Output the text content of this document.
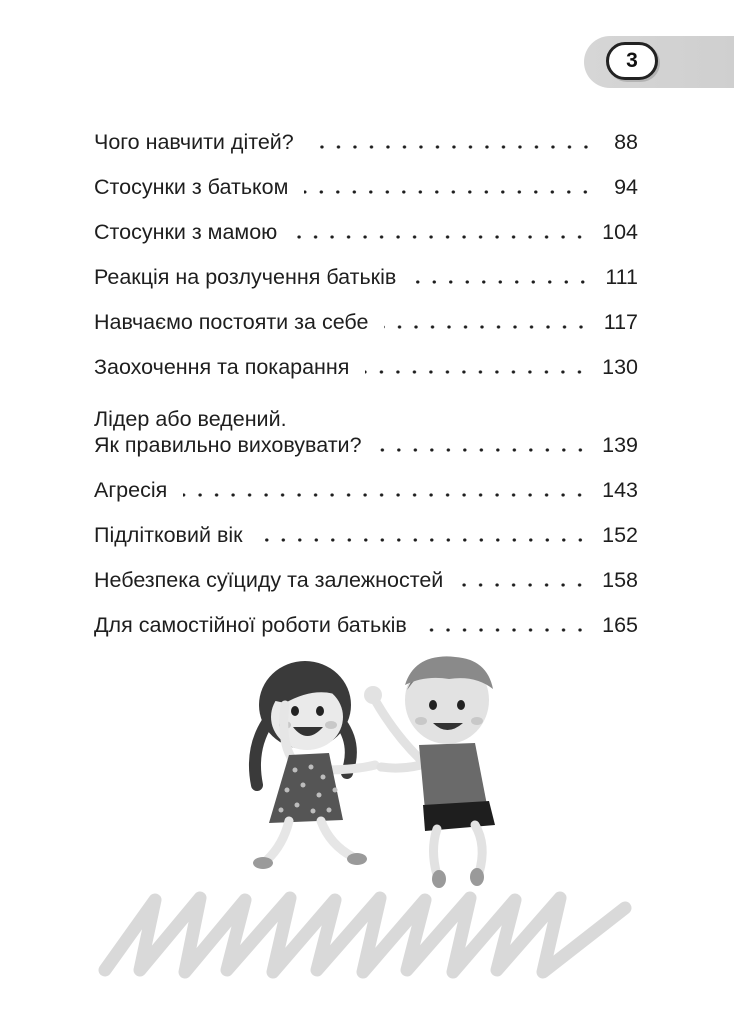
3
Чого навчити дітей?	88
Стосунки з батьком	94
Стосунки з мамою	104
Реакція на розлучення батьків	111
Навчаємо постояти за себе	117
Заохочення та покарання	130
Лідер або ведений.
Як правильно виховувати?	139
Агресія	143
Підлітковий вік	152
Небезпека суїциду та залежностей	158
Для самостійної роботи батьків	165
